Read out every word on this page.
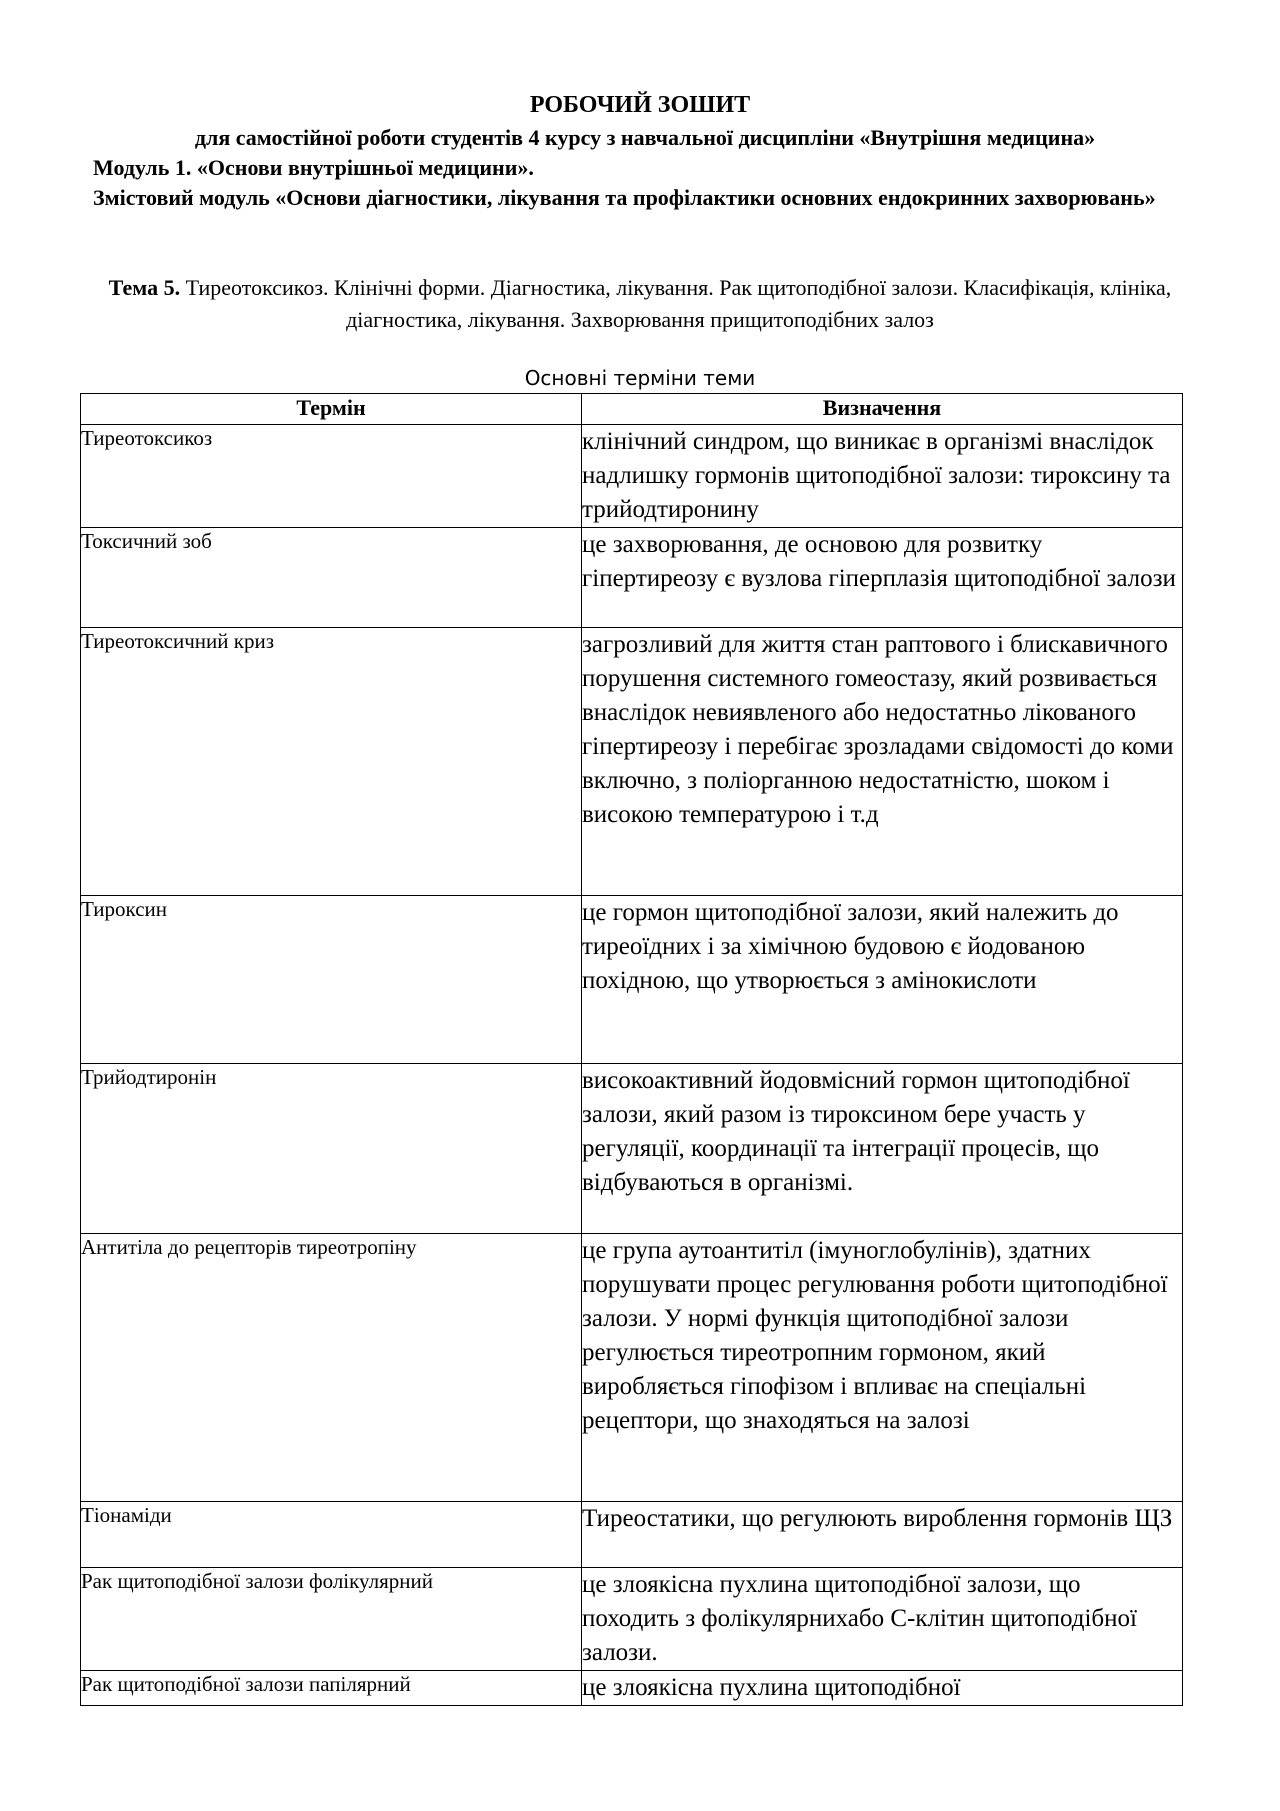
РОБОЧИЙ ЗОШИТ
для самостійної роботи студентів 4 курсу з навчальної дисципліни «Внутрішня медицина»
Модуль 1. «Основи внутрішньої медицини».
Змістовий модуль «Основи діагностики, лікування та профілактики основних ендокринних захворювань»
Тема 5. Тиреотоксикоз. Клінічні форми. Діагностика, лікування. Рак щитоподібної залози. Класифікація, клініка, діагностика, лікування. Захворювання прищитоподібних залоз
Основні терміни теми
Термін	Визначення
Тиреотоксикоз	клінічний синдром, що виникає в організмі внаслідок надлишку гормонів щитоподібної залози: тироксину та трийодтиронину
Токсичний зоб	це захворювання, де основою для розвитку гіпертиреозу є вузлова гіперплазія щитоподібної залози
Тиреотоксичний криз	загрозливий для життя стан раптового і блискавичного порушення системного гомеостазу, який розвивається внаслідок невиявленого або недостатньо лікованого гіпертиреозу і перебігає зрозладами свідомості до коми включно, з поліорганною недостатністю, шоком і високою температурою і т.д
Тироксин	це гормон щитоподібної залози, який належить до тиреоїдних і за хімічною будовою є йодованою похідною, що утворюється з амінокислоти
Трийодтиронін	високоактивний йодовмісний гормон щитоподібної залози, який разом із тироксином бере участь у регуляції, координації та інтеграції процесів, що відбуваються в організмі.
Антитіла до рецепторів тиреотропіну	це група аутоантитіл (імуноглобулінів), здатних порушувати процес регулювання роботи щитоподібної залози. У нормі функція щитоподібної залози регулюється тиреотропним гормоном, який виробляється гіпофізом і впливає на спеціальні рецептори, що знаходяться на залозі
Тіонаміди	Тиреостатики, що регулюють вироблення гормонів ЩЗ
Рак щитоподібної залози фолікулярний	це злоякісна пухлина щитоподібної залози, що походить з фолікулярнихабо С-клітин щитоподібної залози.
Рак щитоподібної залози папілярний	це злоякісна пухлина щитоподібної
